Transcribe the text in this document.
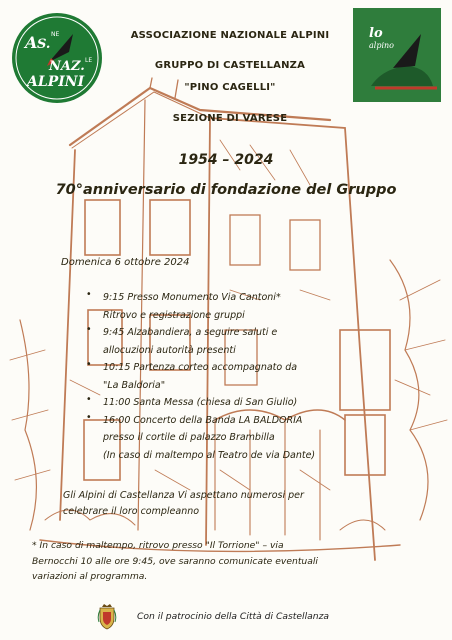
A S.
NE
NAZ. LE
ALPINI
lo
alpino
ASSOCIAZIONE NAZIONALE ALPINI
GRUPPO DI CASTELLANZA
"PINO CAGELLI"
SEZIONE DI VARESE
1954 – 2024
70°anniversario di fondazione del Gruppo
Domenica 6 ottobre 2024
• 9:15 Presso Monumento Via Cantoni*
Ritrovo e registrazione gruppi
• 9:45 Alzabandiera, a seguire saluti e
allocuzioni autorità presenti
• 10:15 Partenza corteo accompagnato da
"La Baldoria"
• 11:00 Santa Messa (chiesa di San Giulio)
• 16:00 Concerto della Banda LA BALDORIA
presso il cortile di palazzo Brambilla
(In caso di maltempo al Teatro de via Dante)
Gli Alpini di Castellanza Vi aspettano numerosi per
celebrare il loro compleanno
* In caso di maltempo, ritrovo presso "Il Torrione" – via
Bernocchi 10 alle ore 9:45, ove saranno comunicate eventuali
variazioni al programma.
Con il patrocinio della Città di Castellanza
